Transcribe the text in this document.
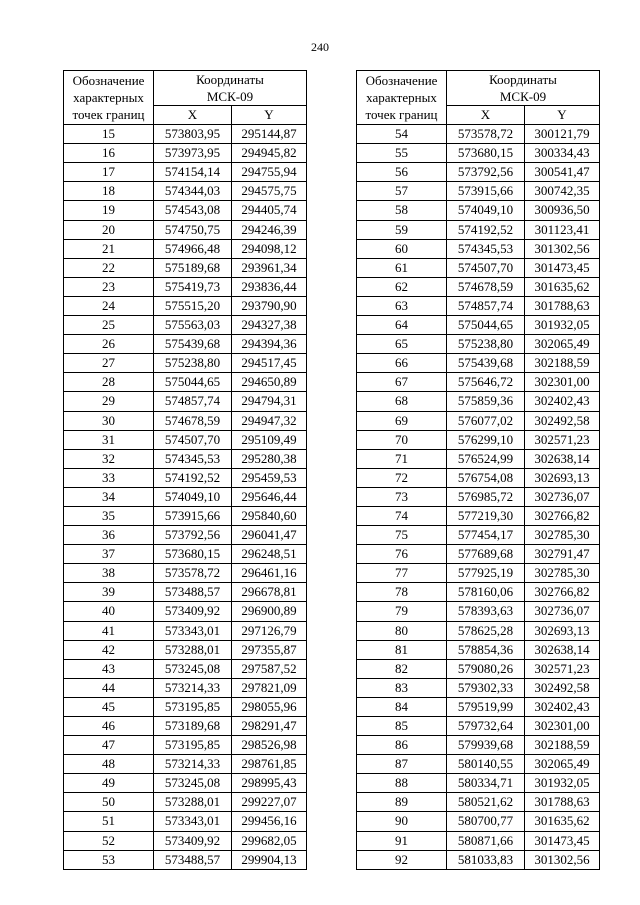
240
Обозначение
характерных
точек границ	Координаты
МСК-09	

	X	Y
15	573803,95	295144,87
16	573973,95	294945,82
17	574154,14	294755,94
18	574344,03	294575,75
19	574543,08	294405,74
20	574750,75	294246,39
21	574966,48	294098,12
22	575189,68	293961,34
23	575419,73	293836,44
24	575515,20	293790,90
25	575563,03	294327,38
26	575439,68	294394,36
27	575238,80	294517,45
28	575044,65	294650,89
29	574857,74	294794,31
30	574678,59	294947,32
31	574507,70	295109,49
32	574345,53	295280,38
33	574192,52	295459,53
34	574049,10	295646,44
35	573915,66	295840,60
36	573792,56	296041,47
37	573680,15	296248,51
38	573578,72	296461,16
39	573488,57	296678,81
40	573409,92	296900,89
41	573343,01	297126,79
42	573288,01	297355,87
43	573245,08	297587,52
44	573214,33	297821,09
45	573195,85	298055,96
46	573189,68	298291,47
47	573195,85	298526,98
48	573214,33	298761,85
49	573245,08	298995,43
50	573288,01	299227,07
51	573343,01	299456,16
52	573409,92	299682,05
53	573488,57	299904,13
Обозначение
характерных
точек границ	Координаты
МСК-09	

	X	Y
54	573578,72	300121,79
55	573680,15	300334,43
56	573792,56	300541,47
57	573915,66	300742,35
58	574049,10	300936,50
59	574192,52	301123,41
60	574345,53	301302,56
61	574507,70	301473,45
62	574678,59	301635,62
63	574857,74	301788,63
64	575044,65	301932,05
65	575238,80	302065,49
66	575439,68	302188,59
67	575646,72	302301,00
68	575859,36	302402,43
69	576077,02	302492,58
70	576299,10	302571,23
71	576524,99	302638,14
72	576754,08	302693,13
73	576985,72	302736,07
74	577219,30	302766,82
75	577454,17	302785,30
76	577689,68	302791,47
77	577925,19	302785,30
78	578160,06	302766,82
79	578393,63	302736,07
80	578625,28	302693,13
81	578854,36	302638,14
82	579080,26	302571,23
83	579302,33	302492,58
84	579519,99	302402,43
85	579732,64	302301,00
86	579939,68	302188,59
87	580140,55	302065,49
88	580334,71	301932,05
89	580521,62	301788,63
90	580700,77	301635,62
91	580871,66	301473,45
92	581033,83	301302,56
